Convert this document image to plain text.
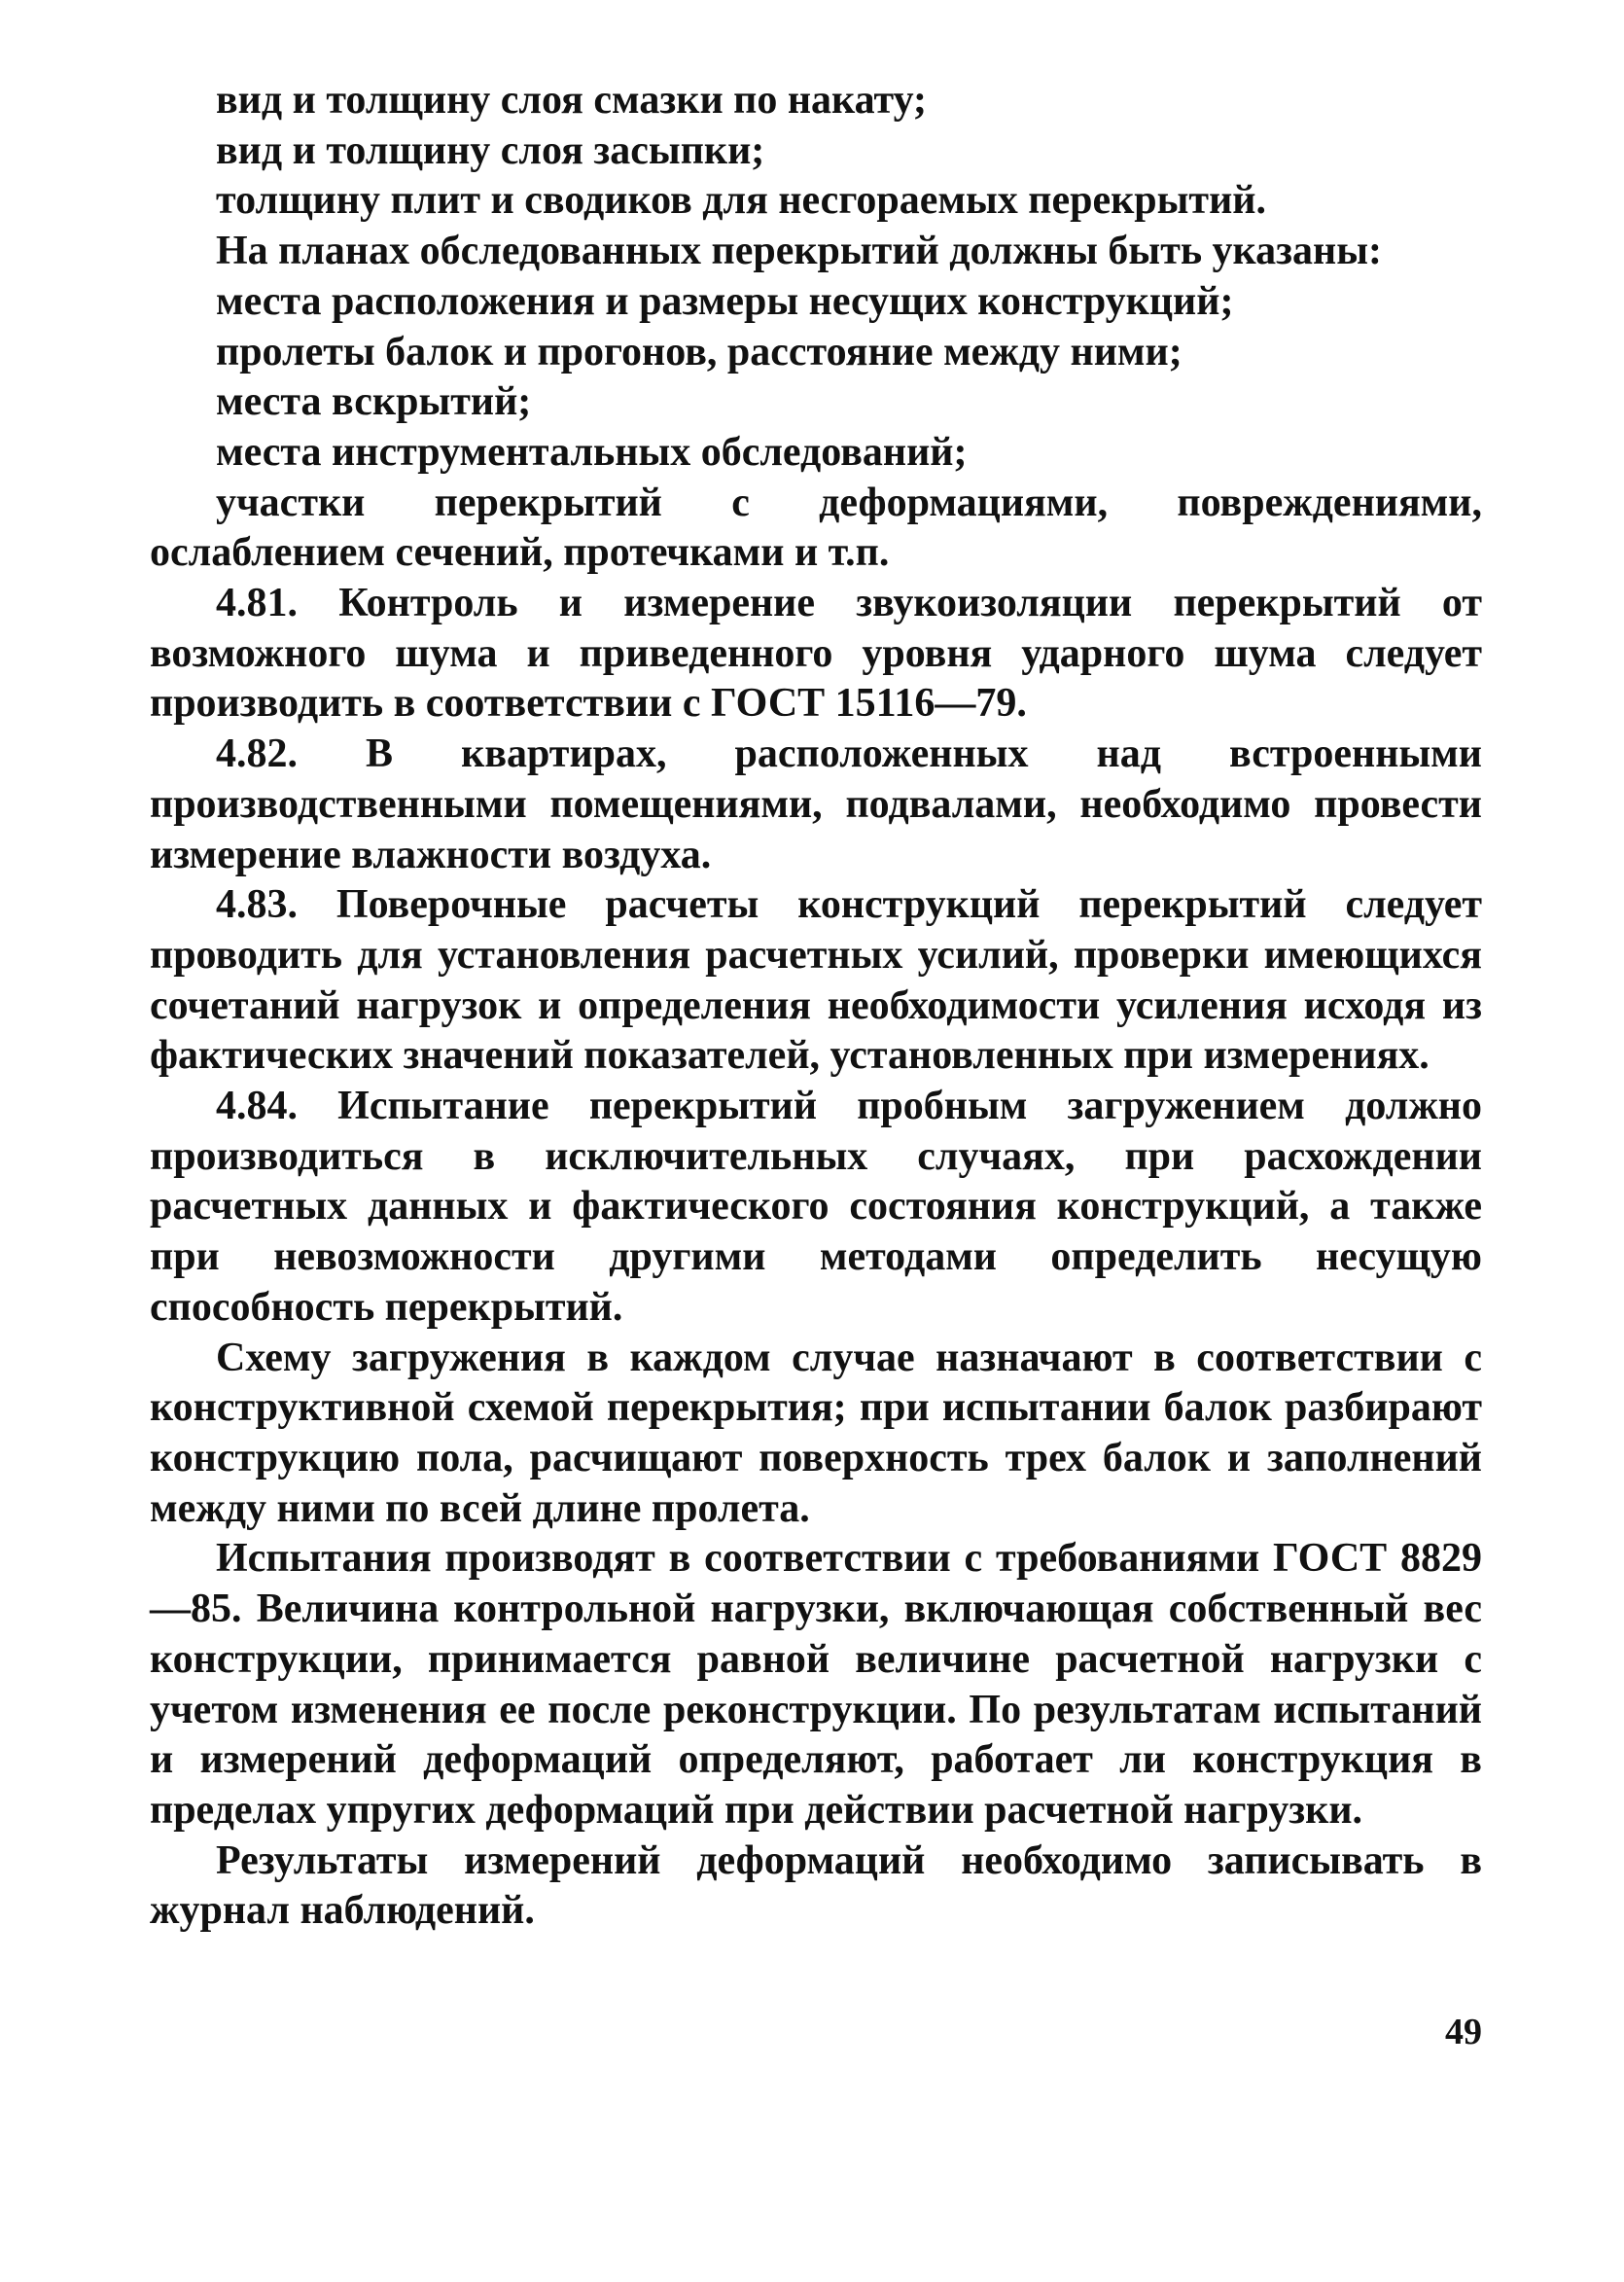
вид и толщину слоя смазки по накату;
вид и толщину слоя засыпки;
толщину плит и сводиков для несгораемых перекрытий.
На планах обследованных перекрытий должны быть указаны:
места расположения и размеры несущих конструкций;
пролеты балок и прогонов, расстояние между ними;
места вскрытий;
места инструментальных обследований;

участки перекрытий с деформациями, повреждениями, ослаблением сечений, протечками и т.п.

4.81. Контроль и измерение звукоизоляции перекрытий от возможного шума и приведенного уровня ударного шума следует производить в соответствии с ГОСТ 15116—79.

4.82. В квартирах, расположенных над встроенными производственными помещениями, подвалами, необходимо провести измерение влажности воздуха.

4.83. Поверочные расчеты конструкций перекрытий следует проводить для установления расчетных усилий, проверки имеющихся сочетаний нагрузок и определения необходимости усиления исходя из фактических значений показателей, установленных при измерениях.

4.84. Испытание перекрытий пробным загружением должно производиться в исключительных случаях, при расхождении расчетных данных и фактического состояния конструкций, а также при невозможности другими методами определить несущую способность перекрытий.

Схему загружения в каждом случае назначают в соответствии с конструктивной схемой перекрытия; при испытании балок разбирают конструкцию пола, расчищают поверхность трех балок и заполнений между ними по всей длине пролета.

Испытания производят в соответствии с требованиями ГОСТ 8829—85. Величина контрольной нагрузки, включающая собственный вес конструкции, принимается равной величине расчетной нагрузки с учетом изменения ее после реконструкции. По результатам испытаний и измерений деформаций определяют, работает ли конструкция в пределах упругих деформаций при действии расчетной нагрузки.

Результаты измерений деформаций необходимо записывать в журнал наблюдений.

49
